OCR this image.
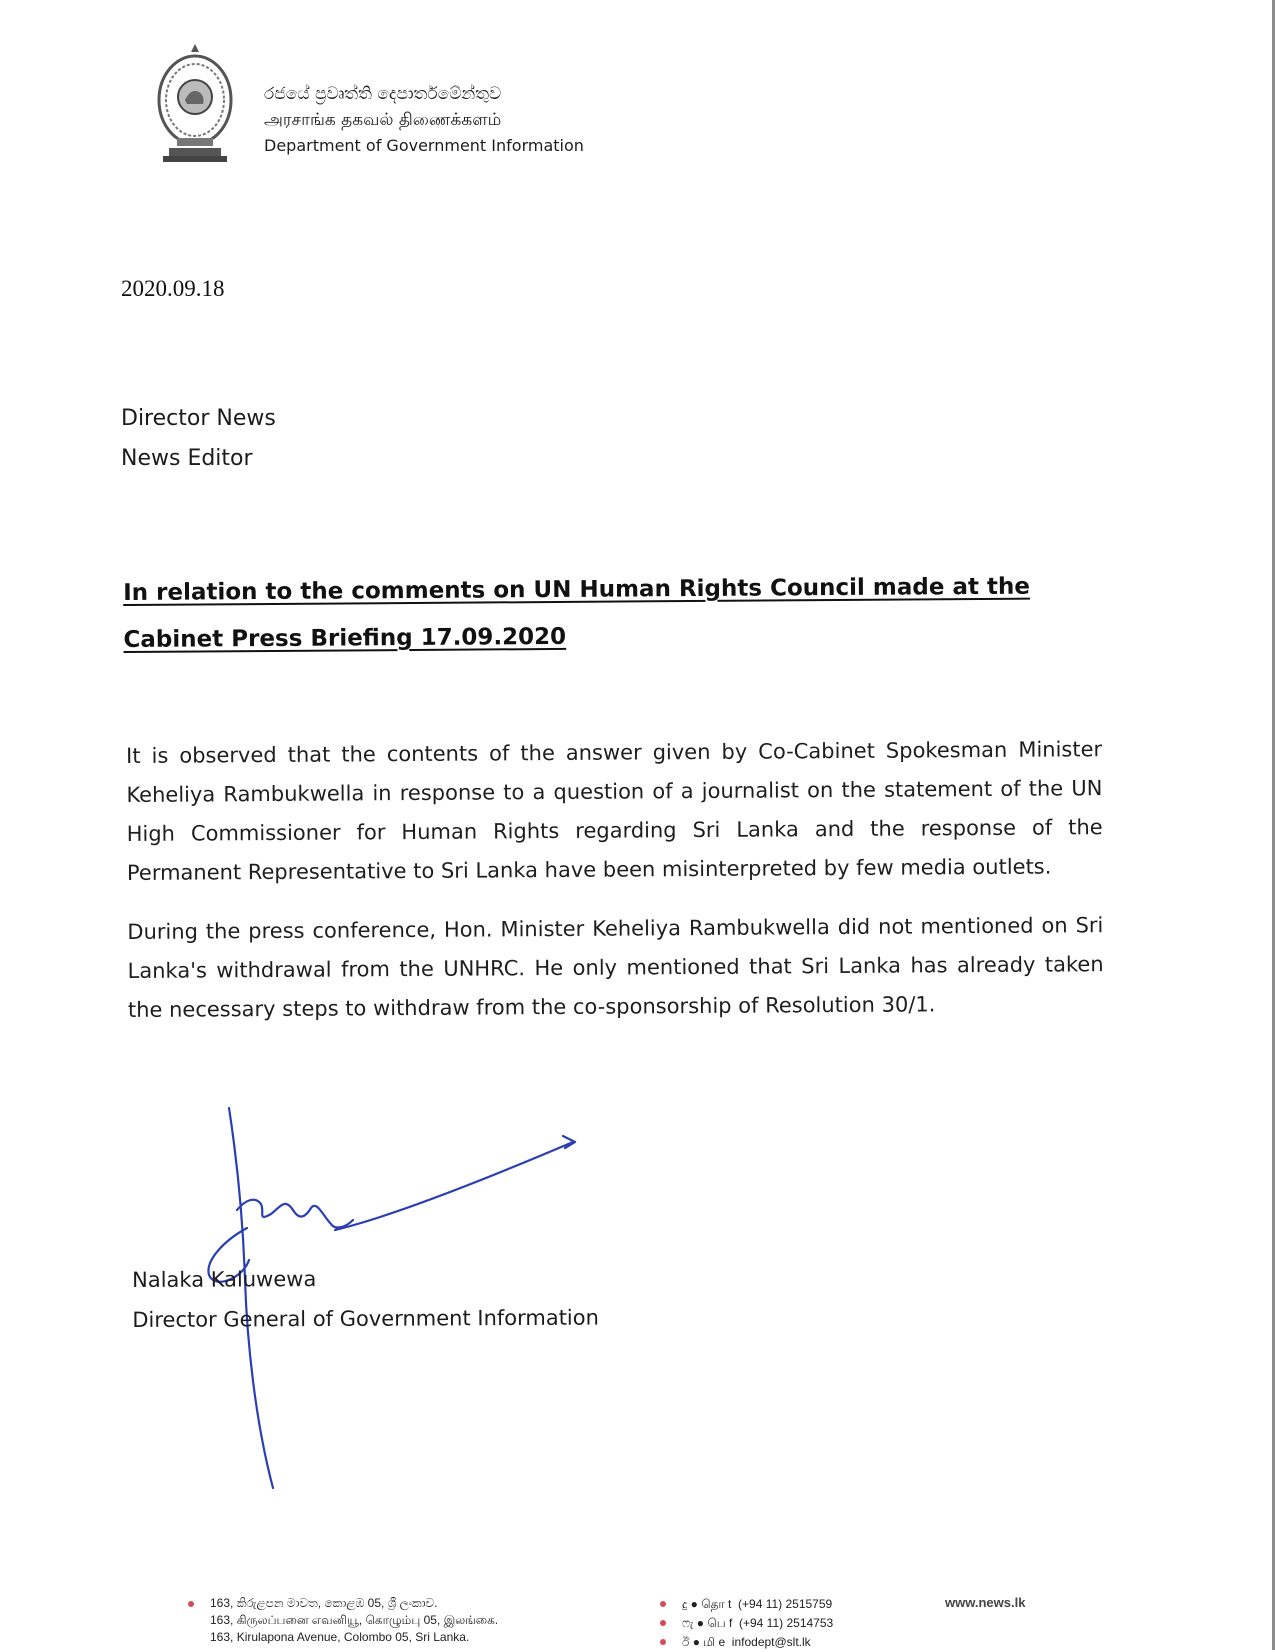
රජයේ ප්‍රවෘත්ති දෙපාර්තමේන්තුව
அரசாங்க தகவல் திணைக்களம்
Department of Government Information
2020.09.18
Director News
News Editor
In relation to the comments on UN Human Rights Council made at the Cabinet Press Briefing 17.09.2020

It is observed that the contents of the answer given by Co-Cabinet Spokesman Minister Keheliya Rambukwella in response to a question of a journalist on the statement of the UN High Commissioner for Human Rights regarding Sri Lanka and the response of the Permanent Representative to Sri Lanka have been misinterpreted by few media outlets.

During the press conference, Hon. Minister Keheliya Rambukwella did not mentioned on Sri Lanka's withdrawal from the UNHRC. He only mentioned that Sri Lanka has already taken the necessary steps to withdraw from the co-sponsorship of Resolution 30/1.

Nalaka Kaluwewa
Director General of Government Information
163, කිරුළපන මාවත, කොළඹ 05, ශ්‍රී ලංකාව.
163, கிருலப்பனை எவனியூ, கொழும்பு 05, இலங்கை.
163, Kirulapona Avenue, Colombo 05, Sri Lanka.
දු ● தொ t (+94 11) 2515759
ෆැ ● பெ f (+94 11) 2514753
ඊ ● மி e infodept@slt.lk
www.news.lk
